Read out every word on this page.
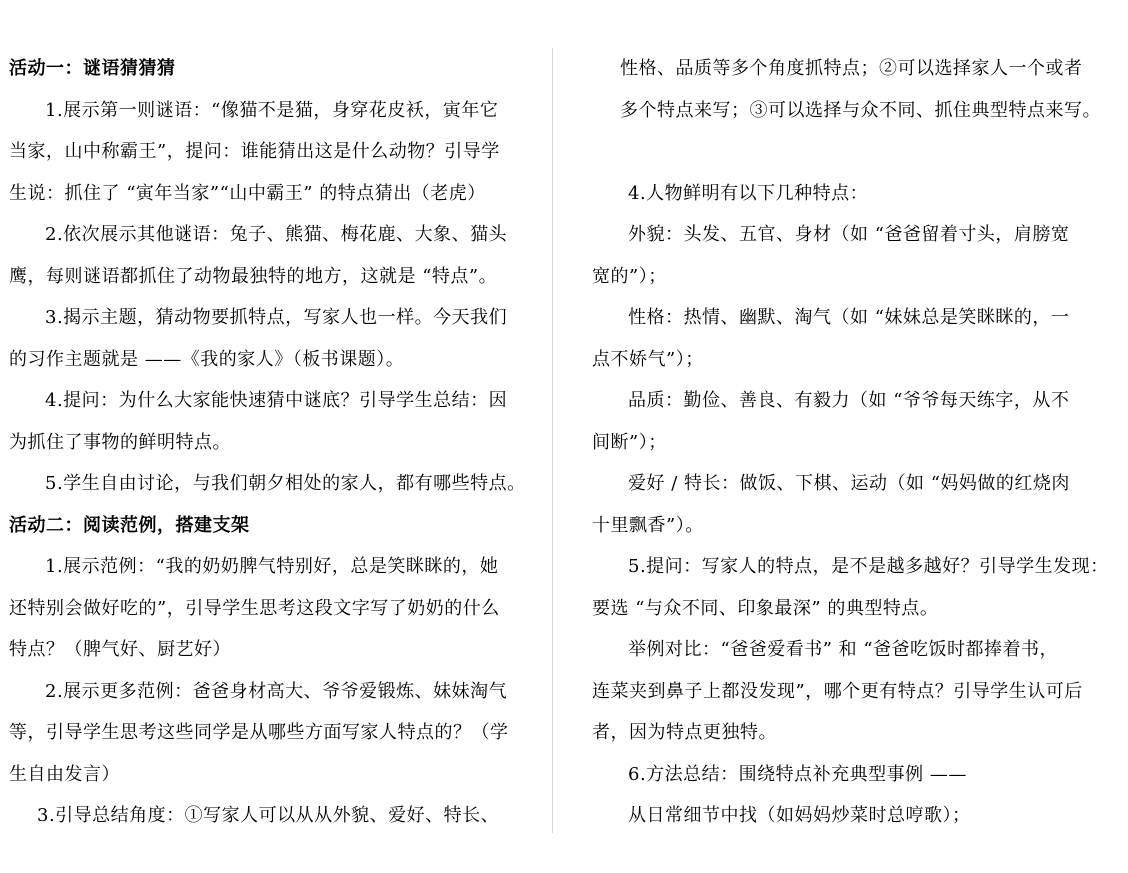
活动一：谜语猜猜猜
1.展示第一则谜语：“像猫不是猫，身穿花皮袄，寅年它
当家，山中称霸王”，提问：谁能猜出这是什么动物？引导学
生说：抓住了 “寅年当家”“山中霸王” 的特点猜出（老虎）
2.依次展示其他谜语：兔子、熊猫、梅花鹿、大象、猫头
鹰，每则谜语都抓住了动物最独特的地方，这就是 “特点”。
3.揭示主题，猜动物要抓特点，写家人也一样。今天我们
的习作主题就是 ——《我的家人》（板书课题）。
4.提问：为什么大家能快速猜中谜底？引导学生总结：因
为抓住了事物的鲜明特点。
5.学生自由讨论，与我们朝夕相处的家人，都有哪些特点。
活动二：阅读范例，搭建支架
1.展示范例：“我的奶奶脾气特别好，总是笑眯眯的，她
还特别会做好吃的”，引导学生思考这段文字写了奶奶的什么
特点？（脾气好、厨艺好）
2.展示更多范例：爸爸身材高大、爷爷爱锻炼、妹妹淘气
等，引导学生思考这些同学是从哪些方面写家人特点的？（学
生自由发言）
3.引导总结角度：①写家人可以从从外貌、爱好、特长、
性格、品质等多个角度抓特点；②可以选择家人一个或者
多个特点来写；③可以选择与众不同、抓住典型特点来写。
4.人物鲜明有以下几种特点：
外貌：头发、五官、身材（如 “爸爸留着寸头，肩膀宽
宽的”）；
性格：热情、幽默、淘气（如 “妹妹总是笑眯眯的，一
点不娇气”）；
品质：勤俭、善良、有毅力（如 “爷爷每天练字，从不
间断”）；
爱好 / 特长：做饭、下棋、运动（如 “妈妈做的红烧肉
十里飘香”）。
5.提问：写家人的特点，是不是越多越好？引导学生发现：
要选 “与众不同、印象最深” 的典型特点。
举例对比：“爸爸爱看书” 和 “爸爸吃饭时都捧着书，
连菜夹到鼻子上都没发现”，哪个更有特点？引导学生认可后
者，因为特点更独特。
6.方法总结：围绕特点补充典型事例 ——
从日常细节中找（如妈妈炒菜时总哼歌）；
